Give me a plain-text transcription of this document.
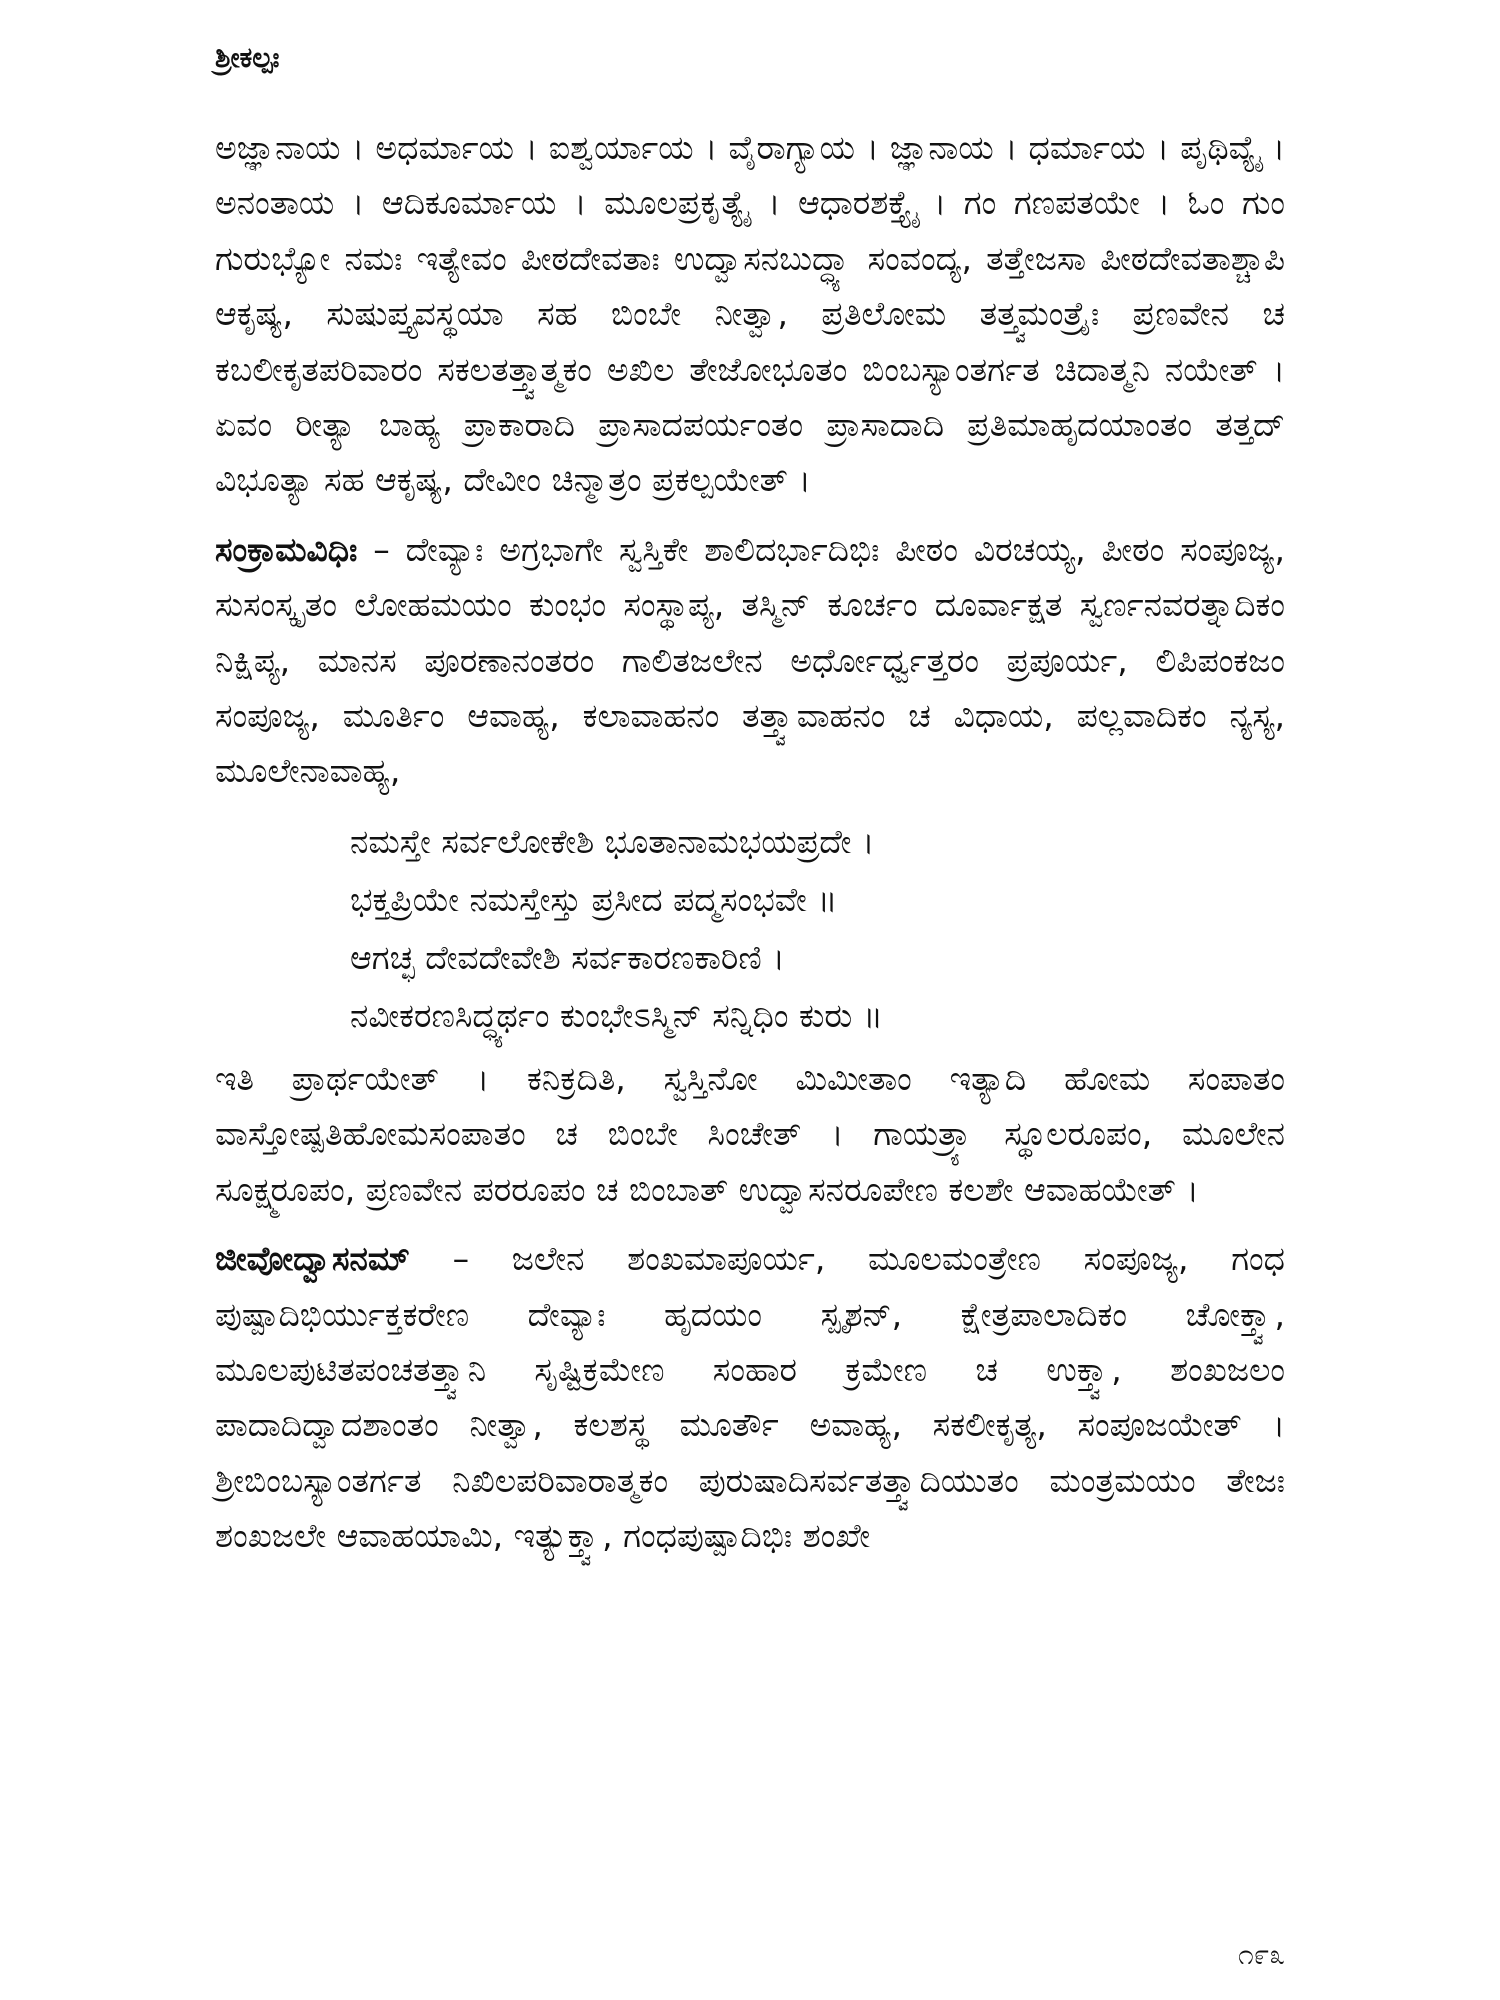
ಶ್ರೀಕಲ್ಪಃ

ಅಜ್ಞಾನಾಯ । ಅಧರ್ಮಾಯ । ಐಶ್ವರ್ಯಾಯ । ವೈರಾಗ್ಯಾಯ । ಜ್ಞಾನಾಯ । ಧರ್ಮಾಯ । ಪೃಥಿವ್ಯೈ । ಅನಂತಾಯ । ಆದಿಕೂರ್ಮಾಯ । ಮೂಲಪ್ರಕೃತ್ಯೈ । ಆಧಾರಶಕ್ತ್ಯೈ । ಗಂ ಗಣಪತಯೇ । ಓಂ ಗುಂ ಗುರುಭ್ಯೋ ನಮಃ ಇತ್ಯೇವಂ ಪೀಠದೇವತಾಃ ಉದ್ವಾಸನಬುದ್ಧ್ಯಾ ಸಂವಂದ್ಯ, ತತ್ತೇಜಸಾ ಪೀಠದೇವತಾಶ್ಚಾಪಿ ಆಕೃಷ್ಯ, ಸುಷುಪ್ತ್ಯವಸ್ಥಯಾ ಸಹ ಬಿಂಬೇ ನೀತ್ವಾ, ಪ್ರತಿಲೋಮ ತತ್ತ್ವಮಂತ್ರೈಃ ಪ್ರಣವೇನ ಚ ಕಬಲೀಕೃತಪರಿವಾರಂ ಸಕಲತತ್ತ್ವಾತ್ಮಕಂ ಅಖಿಲ ತೇಜೋಭೂತಂ ಬಿಂಬಸ್ಯಾಂತರ್ಗತ ಚಿದಾತ್ಮನಿ ನಯೇತ್ । ಏವಂ ರೀತ್ಯಾ ಬಾಹ್ಯ ಪ್ರಾಕಾರಾದಿ ಪ್ರಾಸಾದಪರ್ಯಂತಂ ಪ್ರಾಸಾದಾದಿ ಪ್ರತಿಮಾಹೃದಯಾಂತಂ ತತ್ತದ್ ವಿಭೂತ್ಯಾ ಸಹ ಆಕೃಷ್ಯ, ದೇವೀಂ ಚಿನ್ಮಾತ್ರಂ ಪ್ರಕಲ್ಪಯೇತ್ ।

ಸಂಕ್ರಾಮವಿಧಿಃ – ದೇವ್ಯಾಃ ಅಗ್ರಭಾಗೇ ಸ್ವಸ್ತಿಕೇ ಶಾಲಿದರ್ಭಾದಿಭಿಃ ಪೀಠಂ ವಿರಚಯ್ಯ, ಪೀಠಂ ಸಂಪೂಜ್ಯ, ಸುಸಂಸ್ಕೃತಂ ಲೋಹಮಯಂ ಕುಂಭಂ ಸಂಸ್ಥಾಪ್ಯ, ತಸ್ಮಿನ್ ಕೂರ್ಚಂ ದೂರ್ವಾಕ್ಷತ ಸ್ವರ್ಣನವರತ್ನಾದಿಕಂ ನಿಕ್ಷಿಪ್ಯ, ಮಾನಸ ಪೂರಣಾನಂತರಂ ಗಾಲಿತಜಲೇನ ಅರ್ಧೋರ್ಧ್ವತ್ತರಂ ಪ್ರಪೂರ್ಯ, ಲಿಪಿಪಂಕಜಂ ಸಂಪೂಜ್ಯ, ಮೂರ್ತಿಂ ಆವಾಹ್ಯ, ಕಲಾವಾಹನಂ ತತ್ತ್ವಾವಾಹನಂ ಚ ವಿಧಾಯ, ಪಲ್ಲವಾದಿಕಂ ನ್ಯಸ್ಯ, ಮೂಲೇನಾವಾಹ್ಯ,

ನಮಸ್ತೇ ಸರ್ವಲೋಕೇಶಿ ಭೂತಾನಾಮಭಯಪ್ರದೇ ।
ಭಕ್ತಪ್ರಿಯೇ ನಮಸ್ತೇಸ್ತು ಪ್ರಸೀದ ಪದ್ಮಸಂಭವೇ ॥
ಆಗಚ್ಛ ದೇವದೇವೇಶಿ ಸರ್ವಕಾರಣಕಾರಿಣಿ ।
ನವೀಕರಣಸಿದ್ಧ್ಯರ್ಥಂ ಕುಂಭೇಽಸ್ಮಿನ್ ಸನ್ನಿಧಿಂ ಕುರು ॥

ಇತಿ ಪ್ರಾರ್ಥಯೇತ್ । ಕನಿಕ್ರದಿತಿ, ಸ್ವಸ್ತಿನೋ ಮಿಮೀತಾಂ ಇತ್ಯಾದಿ ಹೋಮ ಸಂಪಾತಂ ವಾಸ್ತೋಷ್ಪತಿಹೋಮಸಂಪಾತಂ ಚ ಬಿಂಬೇ ಸಿಂಚೇತ್ । ಗಾಯತ್ರ್ಯಾ ಸ್ಥೂಲರೂಪಂ, ಮೂಲೇನ ಸೂಕ್ಷ್ಮರೂಪಂ, ಪ್ರಣವೇನ ಪರರೂಪಂ ಚ ಬಿಂಬಾತ್ ಉದ್ವಾಸನರೂಪೇಣ ಕಲಶೇ ಆವಾಹಯೇತ್ ।

ಜೀವೋದ್ವಾಸನಮ್ – ಜಲೇನ ಶಂಖಮಾಪೂರ್ಯ, ಮೂಲಮಂತ್ರೇಣ ಸಂಪೂಜ್ಯ, ಗಂಧ ಪುಷ್ಪಾದಿಭಿರ್ಯುಕ್ತಕರೇಣ ದೇವ್ಯಾಃ ಹೃದಯಂ ಸ್ಪೃಶನ್, ಕ್ಷೇತ್ರಪಾಲಾದಿಕಂ ಚೋಕ್ತ್ವಾ, ಮೂಲಪುಟಿತಪಂಚತತ್ತ್ವಾನಿ ಸೃಷ್ಟಿಕ್ರಮೇಣ ಸಂಹಾರ ಕ್ರಮೇಣ ಚ ಉಕ್ತ್ವಾ, ಶಂಖಜಲಂ ಪಾದಾದಿದ್ವಾದಶಾಂತಂ ನೀತ್ವಾ, ಕಲಶಸ್ಥ ಮೂರ್ತೌ ಅವಾಹ್ಯ, ಸಕಲೀಕೃತ್ಯ, ಸಂಪೂಜಯೇತ್ । ಶ್ರೀಬಿಂಬಸ್ಯಾಂತರ್ಗತ ನಿಖಿಲಪರಿವಾರಾತ್ಮಕಂ ಪುರುಷಾದಿಸರ್ವತತ್ತ್ವಾದಿಯುತಂ ಮಂತ್ರಮಯಂ ತೇಜಃ ಶಂಖಜಲೇ ಆವಾಹಯಾಮಿ, ಇತ್ಯುಕ್ತ್ವಾ, ಗಂಧಪುಷ್ಪಾದಿಭಿಃ ಶಂಖೇ

೧೯೩
